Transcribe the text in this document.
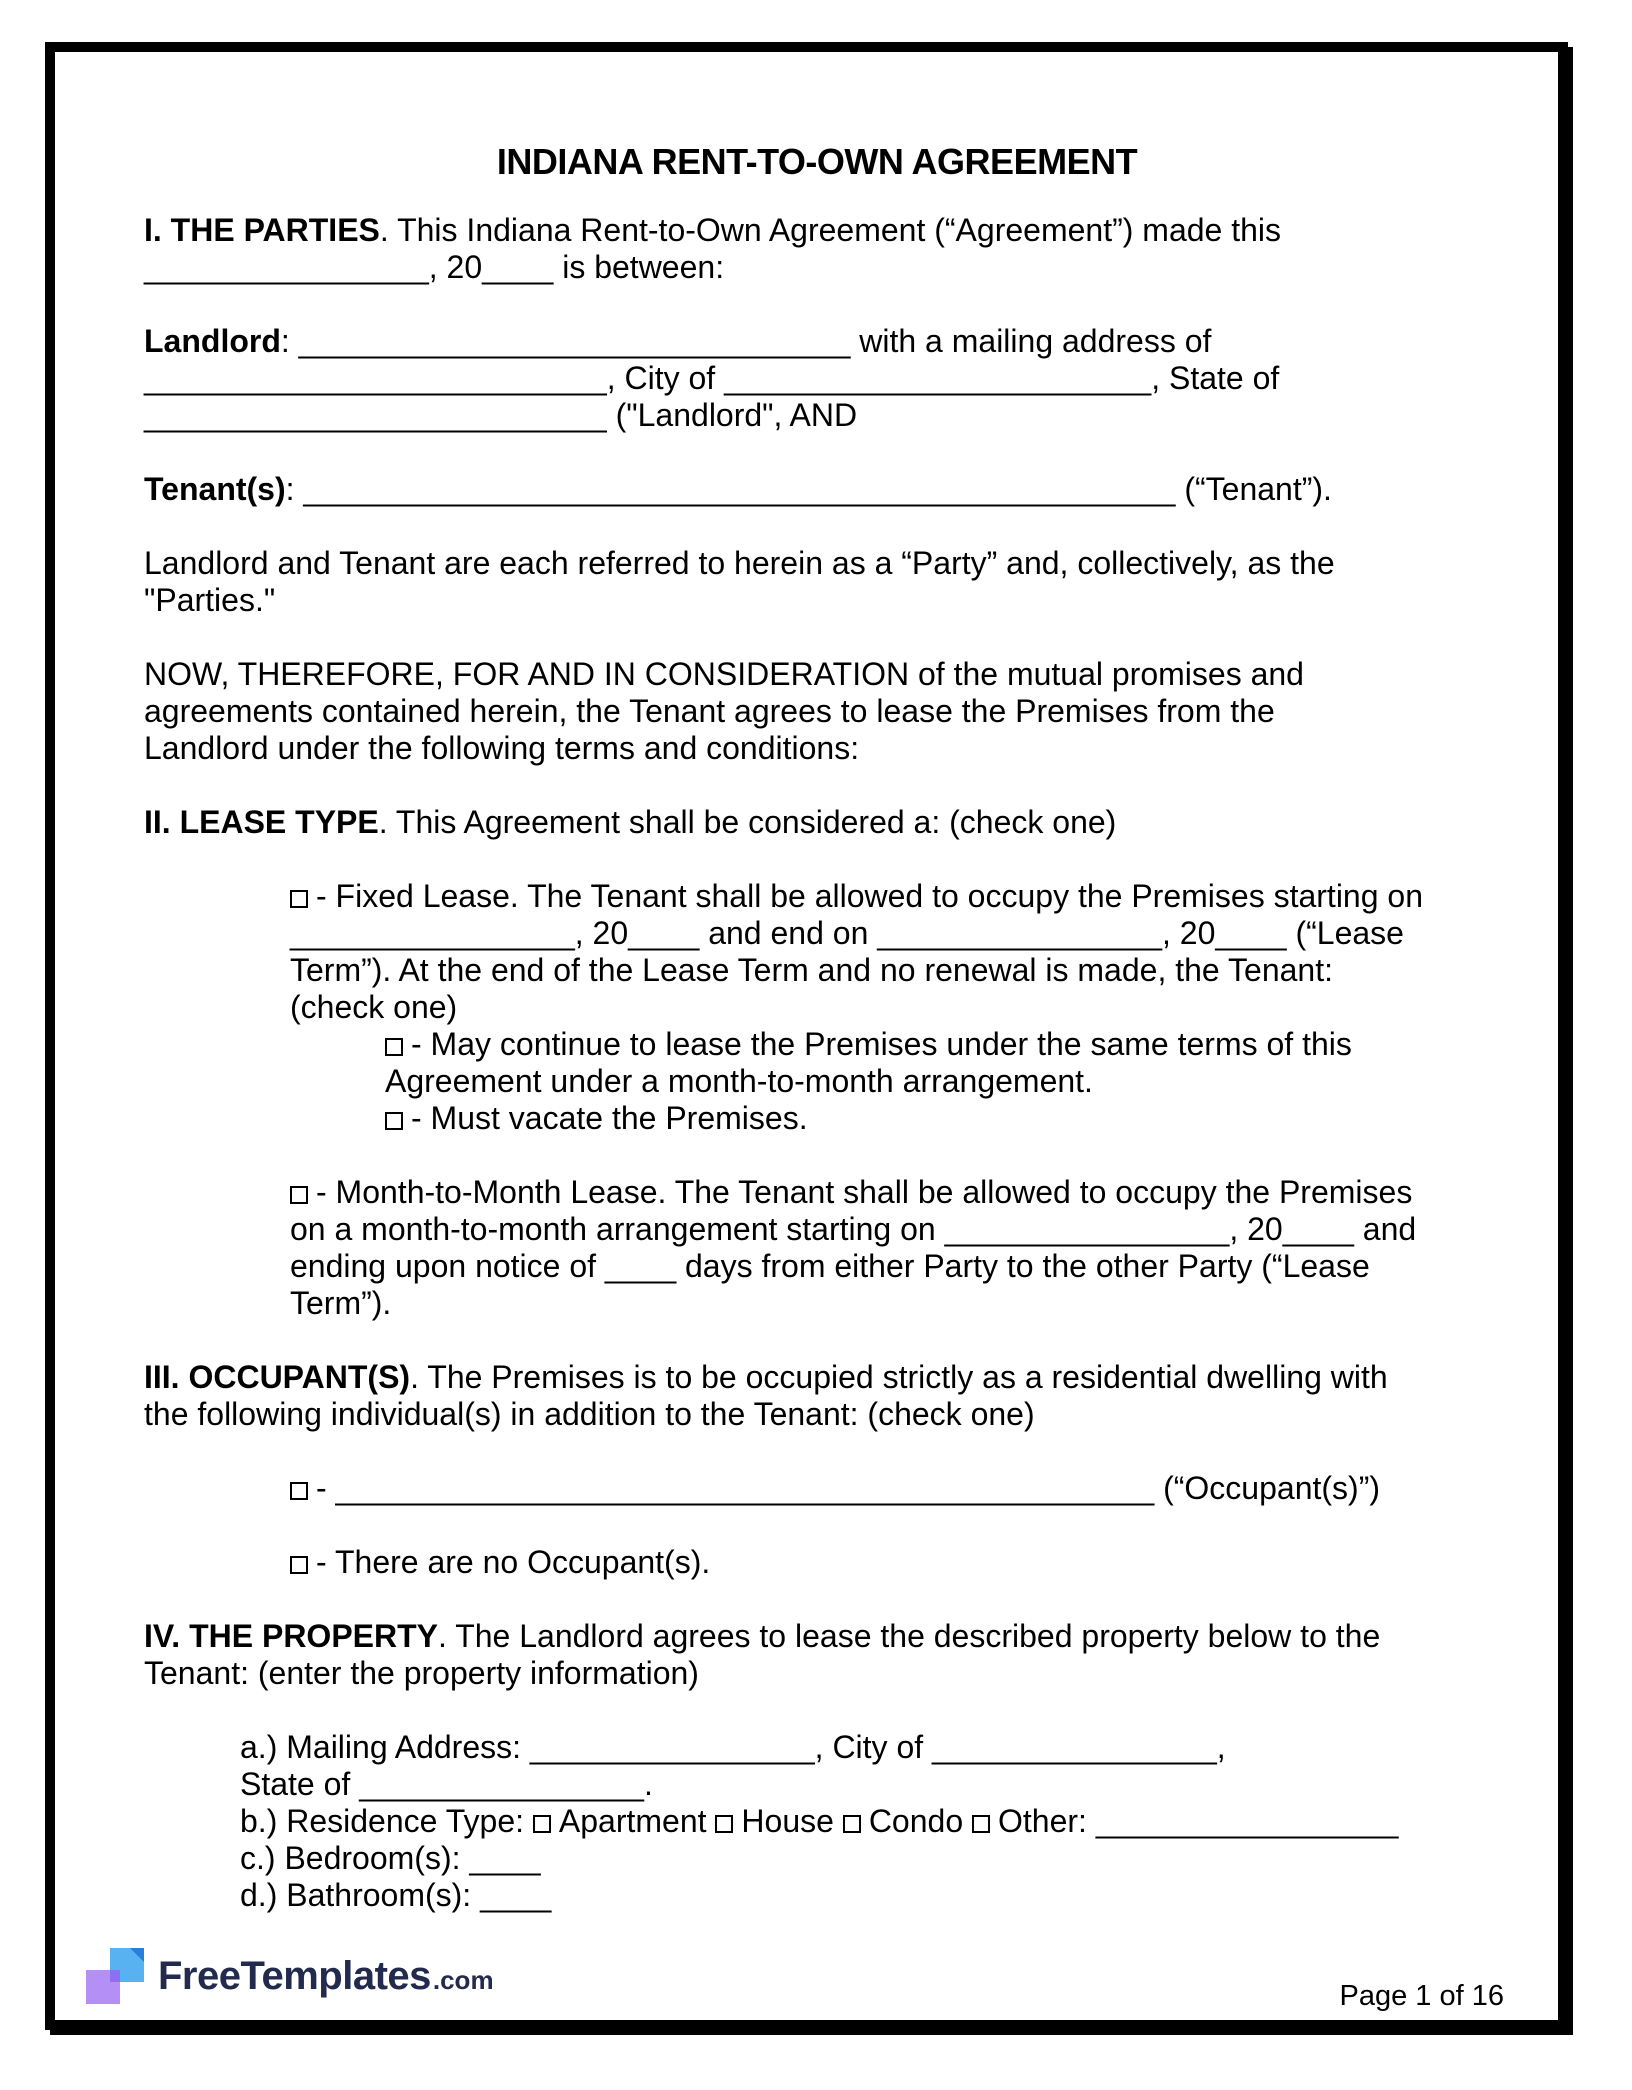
INDIANA RENT-TO-OWN AGREEMENT
I. THE PARTIES. This Indiana Rent-to-Own Agreement (“Agreement”) made this
________________, 20____ is between:
Landlord: _______________________________ with a mailing address of
__________________________, City of ________________________, State of
__________________________ ("Landlord", AND
Tenant(s): _________________________________________________ (“Tenant”).
Landlord and Tenant are each referred to herein as a “Party” and, collectively, as the
"Parties."
NOW, THEREFORE, FOR AND IN CONSIDERATION of the mutual promises and
agreements contained herein, the Tenant agrees to lease the Premises from the
Landlord under the following terms and conditions:
II. LEASE TYPE. This Agreement shall be considered a: (check one)
- Fixed Lease. The Tenant shall be allowed to occupy the Premises starting on
________________, 20____ and end on ________________, 20____ (“Lease
Term”). At the end of the Lease Term and no renewal is made, the Tenant:
(check one)
- May continue to lease the Premises under the same terms of this
Agreement under a month-to-month arrangement.
- Must vacate the Premises.
- Month-to-Month Lease. The Tenant shall be allowed to occupy the Premises
on a month-to-month arrangement starting on ________________, 20____ and
ending upon notice of ____ days from either Party to the other Party (“Lease
Term”).
III. OCCUPANT(S). The Premises is to be occupied strictly as a residential dwelling with
the following individual(s) in addition to the Tenant: (check one)
- ______________________________________________ (“Occupant(s)”)
- There are no Occupant(s).
IV. THE PROPERTY. The Landlord agrees to lease the described property below to the
Tenant: (enter the property information)
a.) Mailing Address: ________________, City of ________________,
State of ________________.
b.) Residence Type: Apartment House Condo Other: _________________
c.) Bedroom(s): ____
d.) Bathroom(s): ____
FreeTemplates .com
Page 1 of 16
